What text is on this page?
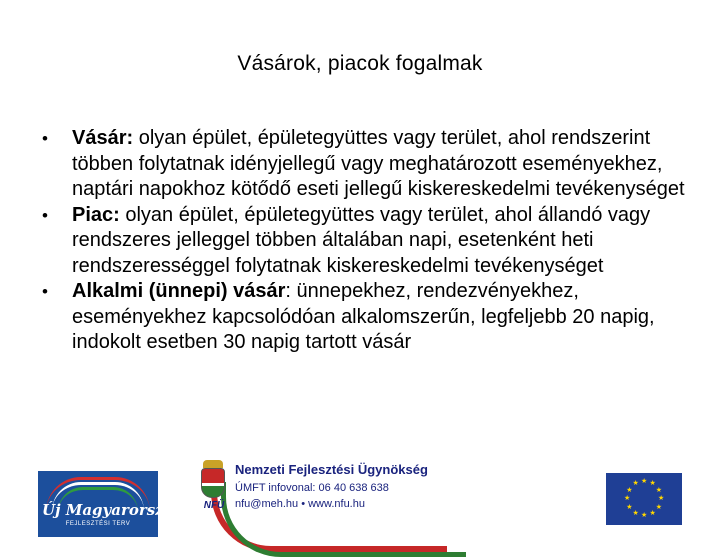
Vásárok, piacok fogalmak

• Vásár: olyan épület, épületegyüttes vagy terület, ahol rendszerint többen folytatnak idényjellegű vagy meghatározott eseményekhez, naptári napokhoz kötődő eseti jellegű kiskereskedelmi tevékenységet

• Piac: olyan épület, épületegyüttes vagy terület, ahol állandó vagy rendszeres jelleggel többen általában napi, esetenként heti rendszerességgel folytatnak kiskereskedelmi tevékenységet

• Alkalmi (ünnepi) vásár: ünnepekhez, rendezvényekhez, eseményekhez kapcsolódóan alkalomszerűn, legfeljebb 20 napig, indokolt esetben 30 napig tartott vásár

Új Magyarország
FEJLESZTÉSI TERV
NFÜ
Nemzeti Fejlesztési Ügynökség
ÚMFT infovonal: 06 40 638 638
nfu@meh.hu • www.nfu.hu
★ ★
★
★
★
★
★
★
★
★
★
★
